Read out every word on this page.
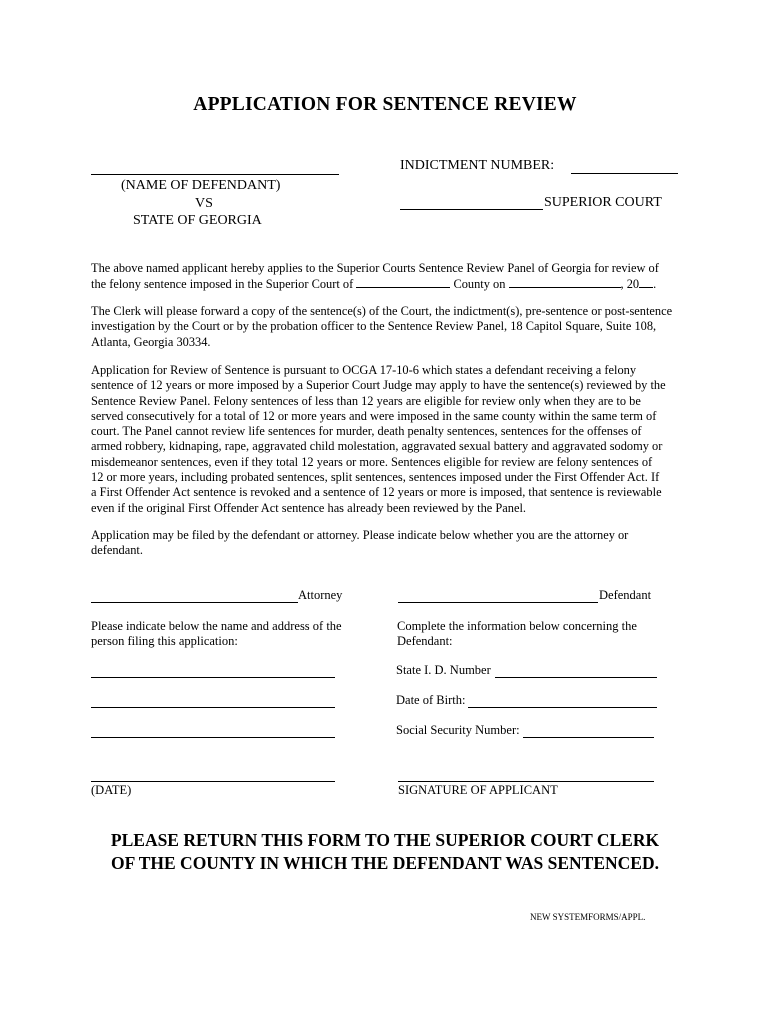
APPLICATION FOR SENTENCE REVIEW
(NAME OF DEFENDANT)
VS
STATE OF GEORGIA
INDICTMENT NUMBER:
SUPERIOR COURT
The above named applicant hereby applies to the Superior Courts Sentence Review Panel of Georgia for review of
the felony sentence imposed in the Superior Court of	County on	, 20 .
The Clerk will please forward a copy of the sentence(s) of the Court, the indictment(s), pre-sentence or post-sentence
investigation by the Court or by the probation officer to the Sentence Review Panel, 18 Capitol Square, Suite 108,
Atlanta, Georgia 30334.
Application for Review of Sentence is pursuant to OCGA 17-10-6 which states a defendant receiving a felony
sentence of 12 years or more imposed by a Superior Court Judge may apply to have the sentence(s) reviewed by the
Sentence Review Panel. Felony sentences of less than 12 years are eligible for review only when they are to be
served consecutively for a total of 12 or more years and were imposed in the same county within the same term of
court. The Panel cannot review life sentences for murder, death penalty sentences, sentences for the offenses of
armed robbery, kidnaping, rape, aggravated child molestation, aggravated sexual battery and aggravated sodomy or
misdemeanor sentences, even if they total 12 years or more. Sentences eligible for review are felony sentences of
12 or more years, including probated sentences, split sentences, sentences imposed under the First Offender Act. If
a First Offender Act sentence is revoked and a sentence of 12 years or more is imposed, that sentence is reviewable
even if the original First Offender Act sentence has already been reviewed by the Panel.
Application may be filed by the defendant or attorney. Please indicate below whether you are the attorney or
defendant.
Attorney	Defendant
Please indicate below the name and address of the
person filing this application:
Complete the information below concerning the
Defendant:
State I. D. Number
Date of Birth:
Social Security Number:
(DATE)	SIGNATURE OF APPLICANT
PLEASE RETURN THIS FORM TO THE SUPERIOR COURT CLERK
OF THE COUNTY IN WHICH THE DEFENDANT WAS SENTENCED.
NEW SYSTEMFORMS/APPL.
